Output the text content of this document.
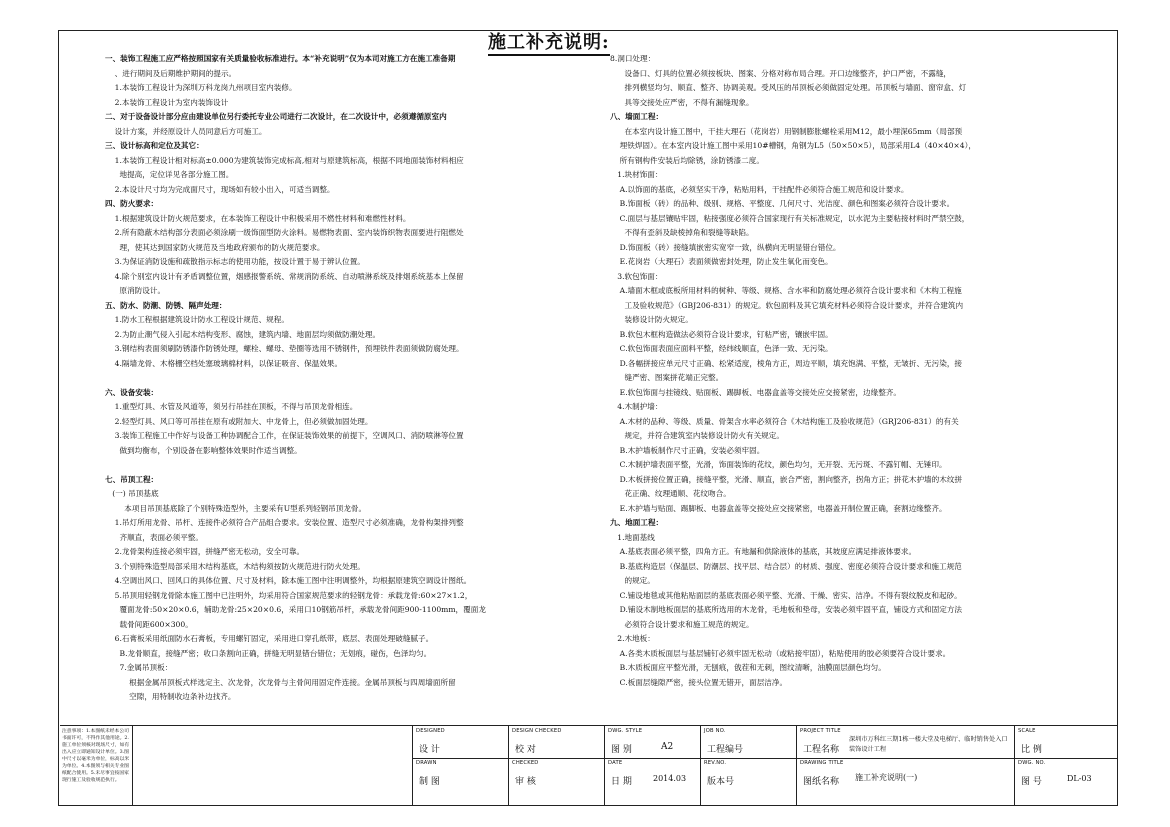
施工补充说明:
一、装饰工程施工应严格按照国家有关质量验收标准进行。本“补充说明”仅为本司对施工方在施工准备期
、进行期间及后期维护期间的提示。
1.本装饰工程设计为深圳万科龙岗九州项目室内装修。
2.本装饰工程设计为室内装饰设计
二、对于设备设计部分应由建设单位另行委托专业公司进行二次设计，在二次设计中，必须遵循原室内
设计方案，并经原设计人员同意后方可施工。
三、设计标高和定位及其它：
1.本装饰工程设计相对标高±0.000为建筑装饰完成标高,相对与原建筑标高，根据不同地面装饰材料相应
地提高，定位详见各部分施工图。
2.本设计尺寸均为完成面尺寸，现场如有较小出入，可适当调整。
四、防火要求：
1.根据建筑设计防火规范要求，在本装饰工程设计中积极采用不燃性材料和难燃性材料。
2.所有隐蔽木结构部分表面必须涂刷一级饰面型防火涂料。易燃物表面、室内装饰织物表面要进行阻燃处
理，使其达到国家防火规范及当地政府颁布的防火规范要求。
3.为保证消防设施和疏散指示标志的使用功能，按设计置于易于辨认位置。
4.除个别室内设计有矛盾调整位置，烟感报警系统、常规消防系统、自动喷淋系统及排烟系统基本上保留
原消防设计。
五、防水、防潮、防锈、隔声处理：
1.防水工程根据建筑设计防水工程设计规范、规程。
2.为防止潮气侵入引起木结构变形、腐蚀，建筑内墙、地面层均须做防潮处理。
3.钢结构表面须刷防锈漆作防锈处理，螺栓、螺母、垫圈等选用不锈钢件，预埋铁件表面须做防腐处理。
4.隔墙龙骨、木格栅空档处塞玻璃棉材料，以保证吸音、保温效果。
六、设备安装：
1.重型灯具、水管及风道等，须另行吊挂在顶板，不得与吊顶龙骨相连。
2.轻型灯具、风口等可吊挂在原有或附加大、中龙骨上，但必须做加固处理。
3.装饰工程施工中作好与设备工种协调配合工作，在保证装饰效果的前提下，空调风口、消防喷淋等位置
做到均衡布，个别设备在影响整体效果时作适当调整。
七、吊顶工程：
(一) 吊顶基底
本项目吊顶基底除了个别特殊造型外，主要采有U型系列轻钢吊顶龙骨。
1.吊灯所用龙骨、吊杆、连接件必须符合产品组合要求。安装位置、造型尺寸必须准确，龙骨构架排列整
齐顺直，表面必须平整。
2.龙骨架构连接必须牢固，拼缝严密无松动，安全可靠。
3.个别特殊造型局部采用木结构基底，木结构须按防火规范进行防火处理。
4.空调出风口、回风口的具体位置、尺寸及材料，除本施工图中注明调整外，均根据原建筑空调设计图纸。
5.吊顶用轻钢龙骨除本施工图中已注明外，均采用符合国家规范要求的轻钢龙骨：承载龙骨:60×27×1.2，
覆面龙骨:50×20×0.6，辅助龙骨:25×20×0.6，采用口10钢筋吊杆，承载龙骨间距900-1100mm，覆面龙
载骨间距600×300。
6.石膏板采用纸面防水石膏板，专用螺钉固定，采用进口穿孔纸带，底层、表面处理破缝腻子。
B.龙骨顺直，接缝严密；收口条割向正确，拼缝无明显错台错位；无划痕，碰伤，色泽均匀。
7.金属吊顶板：
根据金属吊顶板式样选定主、次龙骨，次龙骨与主骨间用固定件连接。金属吊顶板与四周墙面所留
空隙，用特制收边条补边找齐。
8.洞口处理：
设备口、灯具的位置必须按板块、图案、分格对称布局合理。开口边缘整齐，护口严密，不露缝，
排列横竖均匀、顺直、整齐、协调美观。受风压的吊顶板必须做固定处理。吊顶板与墙面、窗帘盒、灯
具等交接处应严密，不得有漏缝现象。
八、墙面工程：
在本室内设计施工图中，干挂大理石（花岗岩）用钢制膨胀螺栓采用M12，最小埋深65mm（局部预
埋铁焊固）。在本室内设计施工图中采用10#槽钢，角钢为L5（50×50×5），局部采用L4（40×40×4），
所有钢构件安装后均除锈，涂防锈漆二度。
1.块材饰面：
A.以饰面的基底，必须坚实干净，粘贴用料，干挂配件必须符合施工规范和设计要求。
B.饰面板（砖）的品种、级别、规格、平整度、几何尺寸、光洁度、颜色和图案必须符合设计要求。
C.面层与基层镶贴牢固，粘接强度必须符合国家现行有关标准规定，以水泥为主要粘接材料时严禁空鼓，
不得有歪斜及缺棱掉角和裂缝等缺陷。
D.饰面板（砖）接缝填嵌密实宽窄一致，纵横向无明显错台错位。
E.花岗岩（大理石）表面须做密封处理，防止发生氧化而变色。
3.软包饰面：
A.墙面木框或底板所用材料的树种、等级、规格、含水率和防腐处理必须符合设计要求和《木构工程施
工及验收规范》（GBJ206-831）的规定。软包面料及其它填充材料必须符合设计要求，并符合建筑内
装修设计防火规定。
B.软包木框构造做法必须符合设计要求，钉粘严密，镶嵌牢固。
C.软包饰面表面应面料平整，经纬线顺直，色泽一致、无污染。
D.各幅拼接应单元尺寸正确、松紧适度，棱角方正，周边平顺，填充饱满、平整，无皱折、无污染，接
缝严密、图案拼花端正完整。
E.软包饰面与挂镜线、贴面板、踢脚板、电器盒盖等交接处应交接紧密，边缘整齐。
4.木制护墙：
A.木材的品种、等级、质量、骨架含水率必须符合《木结构施工及验收规范》（GRJ206-831）的有关
规定，并符合建筑室内装修设计防火有关规定。
B.木护墙板制作尺寸正确，安装必须牢固。
C.木制护墙表面平整，光滑，饰面装饰的花纹，颜色均匀，无开裂、无污斑、不露钉帽、无锤印。
D.木板拼接位置正确，接缝平整，光滑、顺直，嵌合严密，割向整齐，拐角方正；拼花木护墙的木纹拼
花正确、纹理通顺、花纹吻合。
E.木护墙与贴面、踢脚板、电器盒盖等交接处应交接紧密，电器盖开制位置正确，套割边缘整齐。
九、地面工程：
1.地面基线
A.基底表面必须平整，四角方正。有地漏和供除液体的基底，其坡度应满足排液体要求。
B.基底构造层（保温层、防潮层、找平层、结合层）的材质、强度、密度必须符合设计要求和施工规范
的规定。
C.铺设地毯或其他粘贴面层的基底表面必须平整、光滑、干燥、密实、洁净。不得有裂纹脱皮和起砂。
D.铺设木制地板面层的基底所选用的木龙骨，毛地板和垫母，安装必须牢固平直，铺设方式和固定方法
必须符合设计要求和施工规范的规定。
2.木地板：
A.各类木质板面层与基层铺钉必须牢固无松动（或粘接牢固），粘贴使用的胶必须要符合设计要求。
B.木质板面应平整光滑，无刨痕，戗茬和无刺，图纹清晰，油膜面层颜色均匀。
C.板面层缝隙严密，接头位置无错开，面层洁净。
注意事项：1.本图纸未经本公司书面许可，不得作其他用途。2.施工单位须核对现场尺寸，如有出入应立即通知设计单位。3.图中尺寸以毫米为单位，标高以米为单位。4.本图须与相关专业图纸配合使用。5.未尽事宜按国家现行施工及验收规范执行。
DESIGNED
设 计
DRAWN
制 图
DESIGN CHECKED
校 对
CHECKED
审 核
DWG. STYLE
图 别	A2
DATE
日 期	2014.03
JOB NO.
工程编号
REV.NO.
版本号
PROJECT TITLE
工程名称
深圳市万科红三期1栋一楼大堂及电梯厅、临时销售处入口
装饰设计工程
DRAWING TITLE
图纸名称 施工补充说明(一)
SCALE
比 例
DWG. NO.
图 号	DL-03
